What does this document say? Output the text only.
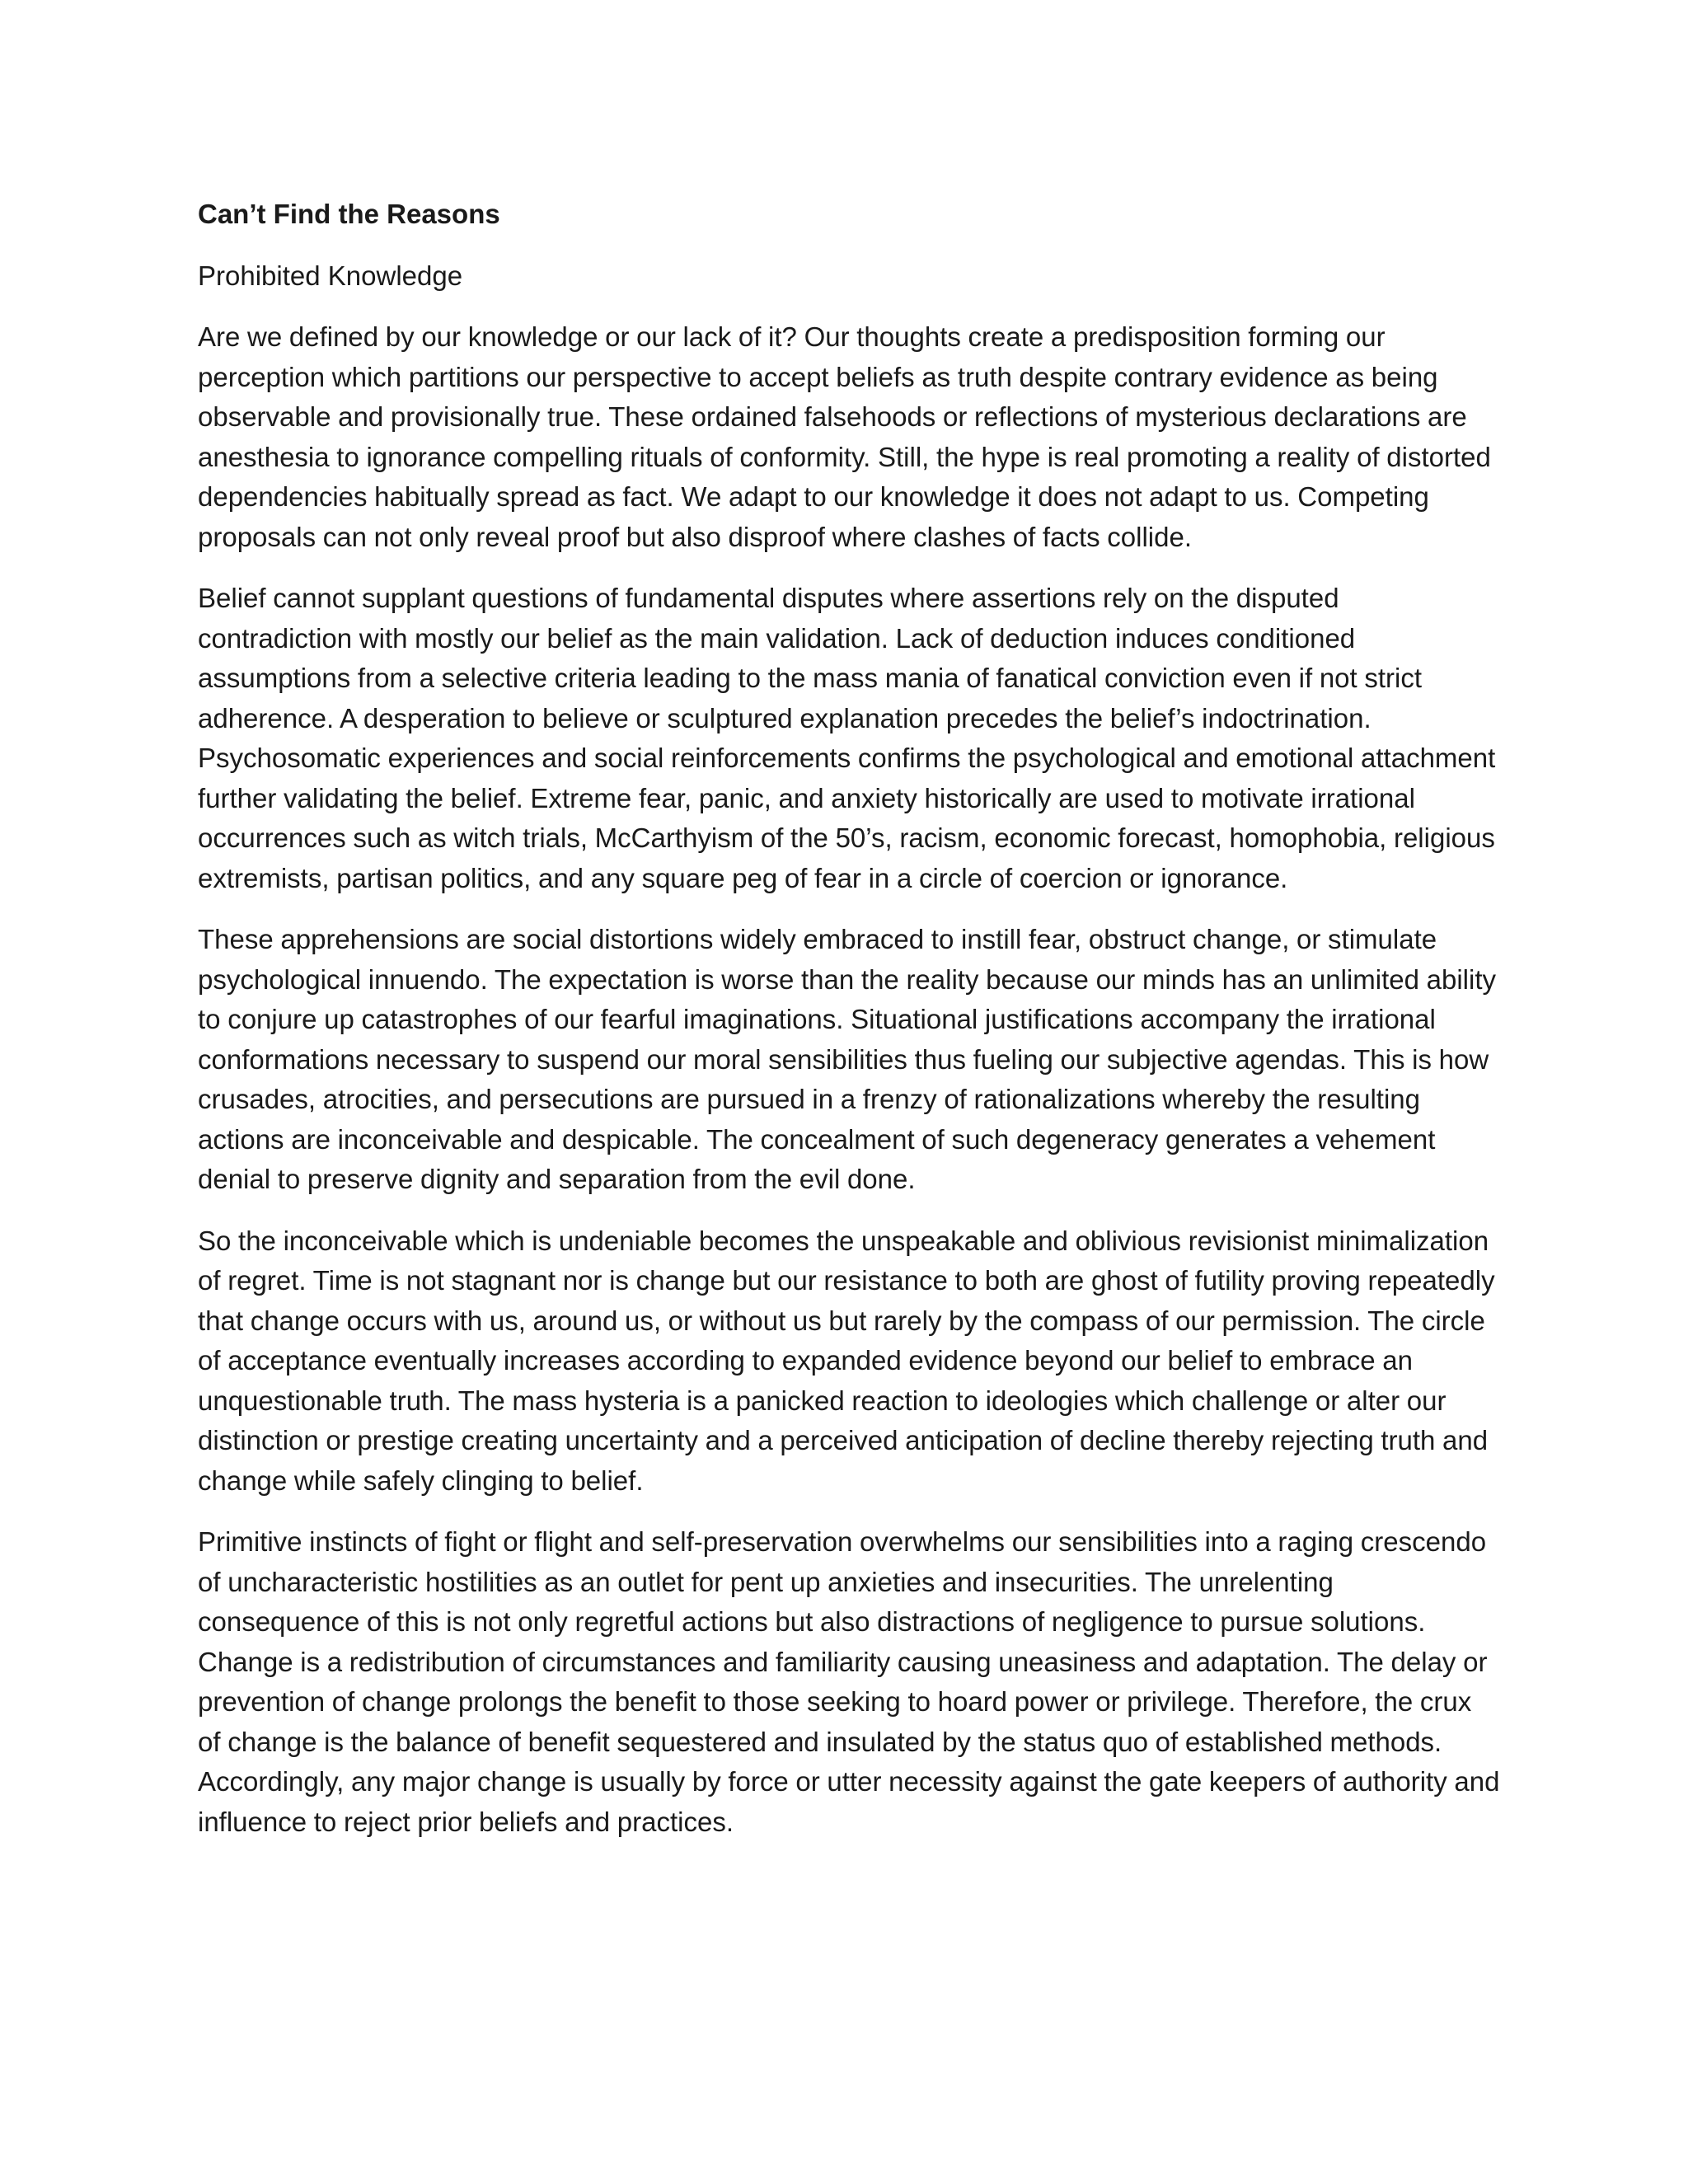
Can’t Find the Reasons
Prohibited Knowledge

Are we defined by our knowledge or our lack of it? Our thoughts create a predisposition forming our perception which partitions our perspective to accept beliefs as truth despite contrary evidence as being observable and provisionally true. These ordained falsehoods or reflections of mysterious declarations are anesthesia to ignorance compelling rituals of conformity. Still, the hype is real promoting a reality of distorted dependencies habitually spread as fact. We adapt to our knowledge it does not adapt to us. Competing proposals can not only reveal proof but also disproof where clashes of facts collide.

Belief cannot supplant questions of fundamental disputes where assertions rely on the disputed contradiction with mostly our belief as the main validation. Lack of deduction induces conditioned assumptions from a selective criteria leading to the mass mania of fanatical conviction even if not strict adherence. A desperation to believe or sculptured explanation precedes the belief’s indoctrination. Psychosomatic experiences and social reinforcements confirms the psychological and emotional attachment further validating the belief. Extreme fear, panic, and anxiety historically are used to motivate irrational occurrences such as witch trials, McCarthyism of the 50’s, racism, economic forecast, homophobia, religious extremists, partisan politics, and any square peg of fear in a circle of coercion or ignorance.

These apprehensions are social distortions widely embraced to instill fear, obstruct change, or stimulate psychological innuendo. The expectation is worse than the reality because our minds has an unlimited ability to conjure up catastrophes of our fearful imaginations. Situational justifications accompany the irrational conformations necessary to suspend our moral sensibilities thus fueling our subjective agendas. This is how crusades, atrocities, and persecutions are pursued in a frenzy of rationalizations whereby the resulting actions are inconceivable and despicable. The concealment of such degeneracy generates a vehement denial to preserve dignity and separation from the evil done.

So the inconceivable which is undeniable becomes the unspeakable and oblivious revisionist minimalization of regret. Time is not stagnant nor is change but our resistance to both are ghost of futility proving repeatedly that change occurs with us, around us, or without us but rarely by the compass of our permission. The circle of acceptance eventually increases according to expanded evidence beyond our belief to embrace an unquestionable truth. The mass hysteria is a panicked reaction to ideologies which challenge or alter our distinction or prestige creating uncertainty and a perceived anticipation of decline thereby rejecting truth and change while safely clinging to belief.

Primitive instincts of fight or flight and self-preservation overwhelms our sensibilities into a raging crescendo of uncharacteristic hostilities as an outlet for pent up anxieties and insecurities. The unrelenting consequence of this is not only regretful actions but also distractions of negligence to pursue solutions. Change is a redistribution of circumstances and familiarity causing uneasiness and adaptation. The delay or prevention of change prolongs the benefit to those seeking to hoard power or privilege. Therefore, the crux of change is the balance of benefit sequestered and insulated by the status quo of established methods. Accordingly, any major change is usually by force or utter necessity against the gate keepers of authority and influence to reject prior beliefs and practices.
